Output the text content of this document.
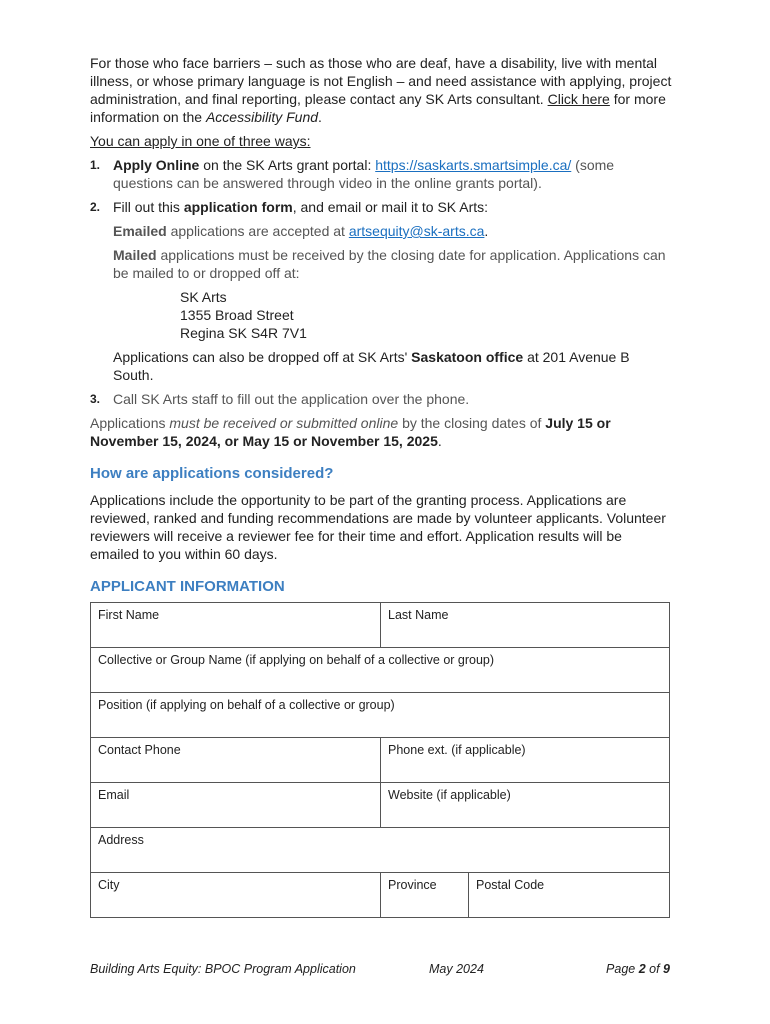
For those who face barriers – such as those who are deaf, have a disability, live with mental illness, or whose primary language is not English – and need assistance with applying, project administration, and final reporting, please contact any SK Arts consultant. Click here for more information on the Accessibility Fund.

You can apply in one of three ways:

1. Apply Online on the SK Arts grant portal: https://saskarts.smartsimple.ca/ (some questions can be answered through video in the online grants portal).
2. Fill out this application form, and email or mail it to SK Arts:

Emailed applications are accepted at artsequity@sk-arts.ca.

Mailed applications must be received by the closing date for application. Applications can be mailed to or dropped off at:

SK Arts
1355 Broad Street
Regina SK S4R 7V1

Applications can also be dropped off at SK Arts' Saskatoon office at 201 Avenue B South.

3. Call SK Arts staff to fill out the application over the phone.

Applications must be received or submitted online by the closing dates of July 15 or November 15, 2024, or May 15 or November 15, 2025.

How are applications considered?

Applications include the opportunity to be part of the granting process. Applications are reviewed, ranked and funding recommendations are made by volunteer applicants. Volunteer reviewers will receive a reviewer fee for their time and effort. Application results will be emailed to you within 60 days.

APPLICANT INFORMATION
First Name	Last Name	
Collective or Group Name (if applying on behalf of a collective or group)		
Position (if applying on behalf of a collective or group)		
Contact Phone	Phone ext. (if applicable)	
Email	Website (if applicable)	
Address		
City	Province	Postal Code
Building Arts Equity: BPOC Program Application	May 2024	Page 2 of 9
